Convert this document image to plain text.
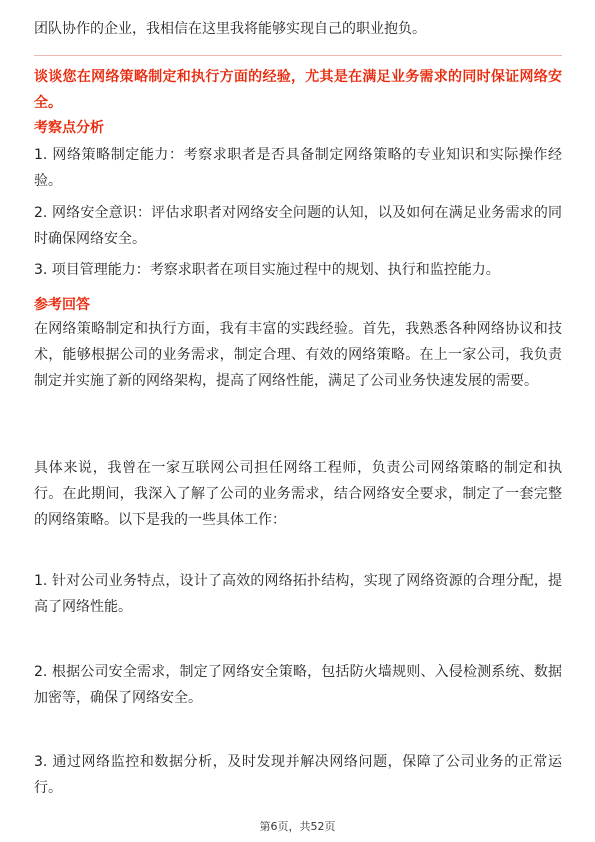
团队协作的企业，我相信在这里我将能够实现自己的职业抱负。

谈谈您在网络策略制定和执行方面的经验，尤其是在满足业务需求的同时保证网络安全。

考察点分析

1. 网络策略制定能力：考察求职者是否具备制定网络策略的专业知识和实际操作经验。

2. 网络安全意识：评估求职者对网络安全问题的认知，以及如何在满足业务需求的同时确保网络安全。

3. 项目管理能力：考察求职者在项目实施过程中的规划、执行和监控能力。

参考回答

在网络策略制定和执行方面，我有丰富的实践经验。首先，我熟悉各种网络协议和技术，能够根据公司的业务需求，制定合理、有效的网络策略。在上一家公司，我负责制定并实施了新的网络架构，提高了网络性能，满足了公司业务快速发展的需要。

具体来说，我曾在一家互联网公司担任网络工程师，负责公司网络策略的制定和执行。在此期间，我深入了解了公司的业务需求，结合网络安全要求，制定了一套完整的网络策略。以下是我的一些具体工作：

1. 针对公司业务特点，设计了高效的网络拓扑结构，实现了网络资源的合理分配，提高了网络性能。

2. 根据公司安全需求，制定了网络安全策略，包括防火墙规则、入侵检测系统、数据加密等，确保了网络安全。

3. 通过网络监控和数据分析，及时发现并解决网络问题，保障了公司业务的正常运行。

第6页，共52页
